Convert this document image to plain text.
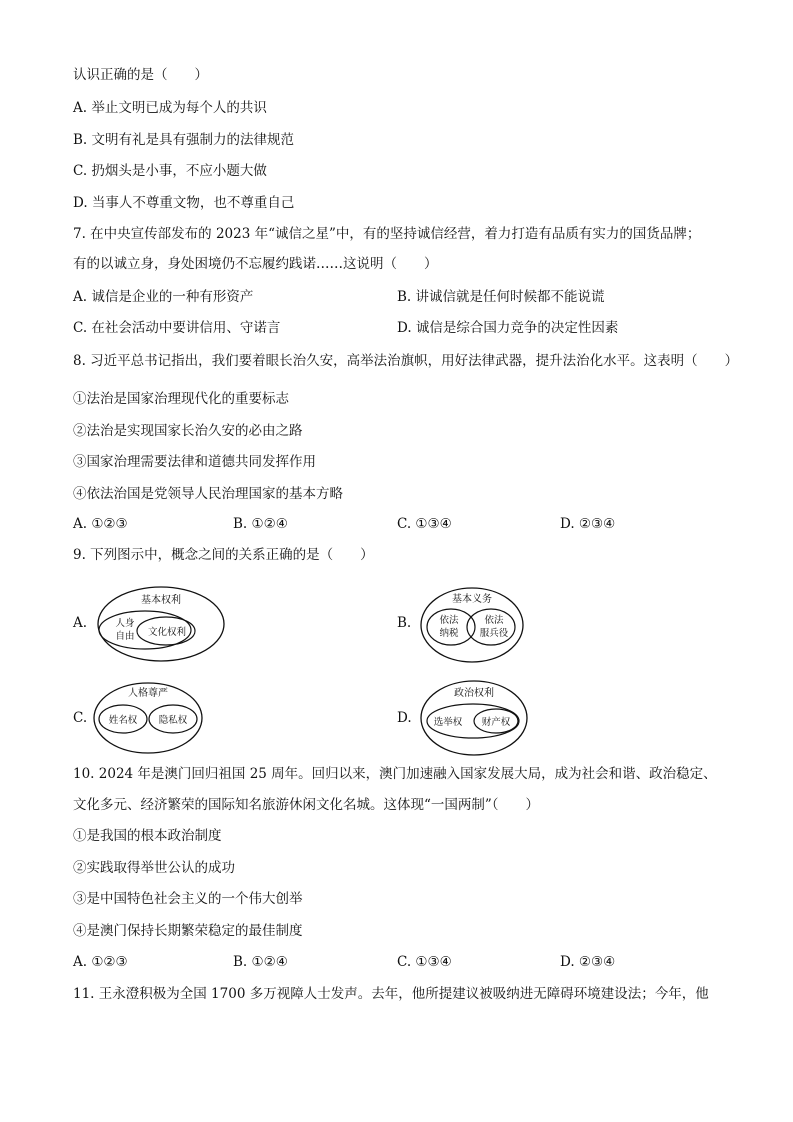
认识正确的是（　　）
A. 举止文明已成为每个人的共识
B. 文明有礼是具有强制力的法律规范
C. 扔烟头是小事，不应小题大做
D. 当事人不尊重文物，也不尊重自己
7. 在中央宣传部发布的 2023 年“诚信之星”中，有的坚持诚信经营，着力打造有品质有实力的国货品牌；
有的以诚立身，身处困境仍不忘履约践诺……这说明（　　）
A. 诚信是企业的一种有形资产	B. 讲诚信就是任何时候都不能说谎
C. 在社会活动中要讲信用、守诺言	D. 诚信是综合国力竞争的决定性因素
8. 习近平总书记指出，我们要着眼长治久安，高举法治旗帜，用好法律武器，提升法治化水平。这表明（　　）
①法治是国家治理现代化的重要标志
②法治是实现国家长治久安的必由之路
③国家治理需要法律和道德共同发挥作用
④依法治国是党领导人民治理国家的基本方略
A. ①②③	B. ①②④	C. ①③④	D. ②③④
9. 下列图示中，概念之间的关系正确的是（　　）
A.
基本权利
人身
自由 文化权利
B.
基本义务
依法
纳税
依法
服兵役
C.
人格尊严
姓名权 隐私权	D.
政治权利
选举权 财产权
10. 2024 年是澳门回归祖国 25 周年。回归以来，澳门加速融入国家发展大局，成为社会和谐、政治稳定、
文化多元、经济繁荣的国际知名旅游休闲文化名城。这体现“一国两制”（　　）
①是我国的根本政治制度
②实践取得举世公认的成功
③是中国特色社会主义的一个伟大创举
④是澳门保持长期繁荣稳定的最佳制度
A. ①②③	B. ①②④	C. ①③④	D. ②③④
11. 王永澄积极为全国 1700 多万视障人士发声。去年，他所提建议被吸纳进无障碍环境建设法；今年，他
